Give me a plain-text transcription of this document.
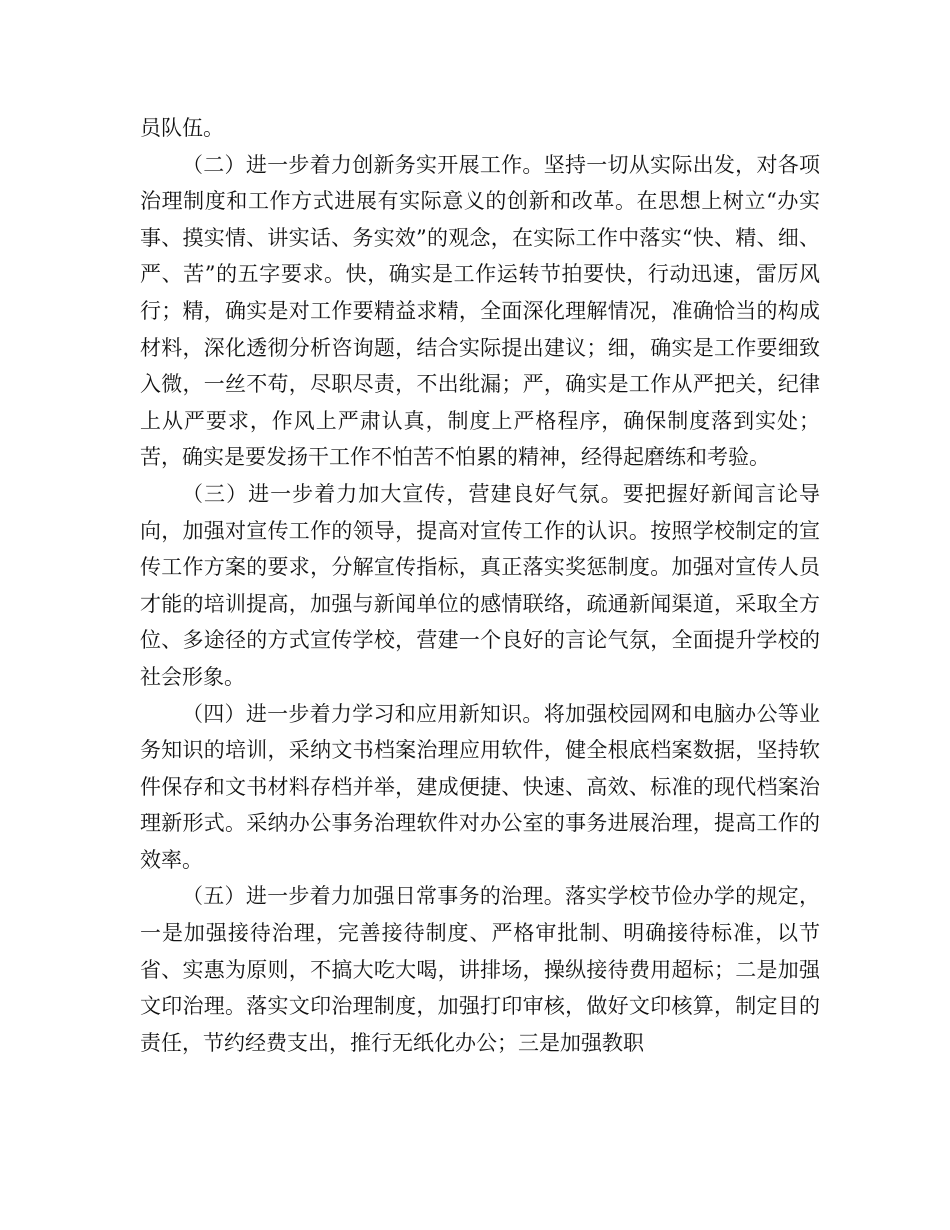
员队伍。

（二）进一步着力创新务实开展工作。坚持一切从实际出发，对各项治理制度和工作方式进展有实际意义的创新和改革。在思想上树立“办实事、摸实情、讲实话、务实效”的观念，在实际工作中落实“快、精、细、严、苦”的五字要求。快，确实是工作运转节拍要快，行动迅速，雷厉风行；精，确实是对工作要精益求精，全面深化理解情况，准确恰当的构成材料，深化透彻分析咨询题，结合实际提出建议；细，确实是工作要细致入微，一丝不苟，尽职尽责，不出纰漏；严，确实是工作从严把关，纪律上从严要求，作风上严肃认真，制度上严格程序，确保制度落到实处；苦，确实是要发扬干工作不怕苦不怕累的精神，经得起磨练和考验。

（三）进一步着力加大宣传，营建良好气氛。要把握好新闻言论导向，加强对宣传工作的领导，提高对宣传工作的认识。按照学校制定的宣传工作方案的要求，分解宣传指标，真正落实奖惩制度。加强对宣传人员才能的培训提高，加强与新闻单位的感情联络，疏通新闻渠道，采取全方位、多途径的方式宣传学校，营建一个良好的言论气氛，全面提升学校的社会形象。

（四）进一步着力学习和应用新知识。将加强校园网和电脑办公等业务知识的培训，采纳文书档案治理应用软件，健全根底档案数据，坚持软件保存和文书材料存档并举，建成便捷、快速、高效、标准的现代档案治理新形式。采纳办公事务治理软件对办公室的事务进展治理，提高工作的效率。

（五）进一步着力加强日常事务的治理。落实学校节俭办学的规定，一是加强接待治理，完善接待制度、严格审批制、明确接待标准，以节省、实惠为原则，不搞大吃大喝，讲排场，操纵接待费用超标；二是加强文印治理。落实文印治理制度，加强打印审核，做好文印核算，制定目的责任，节约经费支出，推行无纸化办公；三是加强教职
